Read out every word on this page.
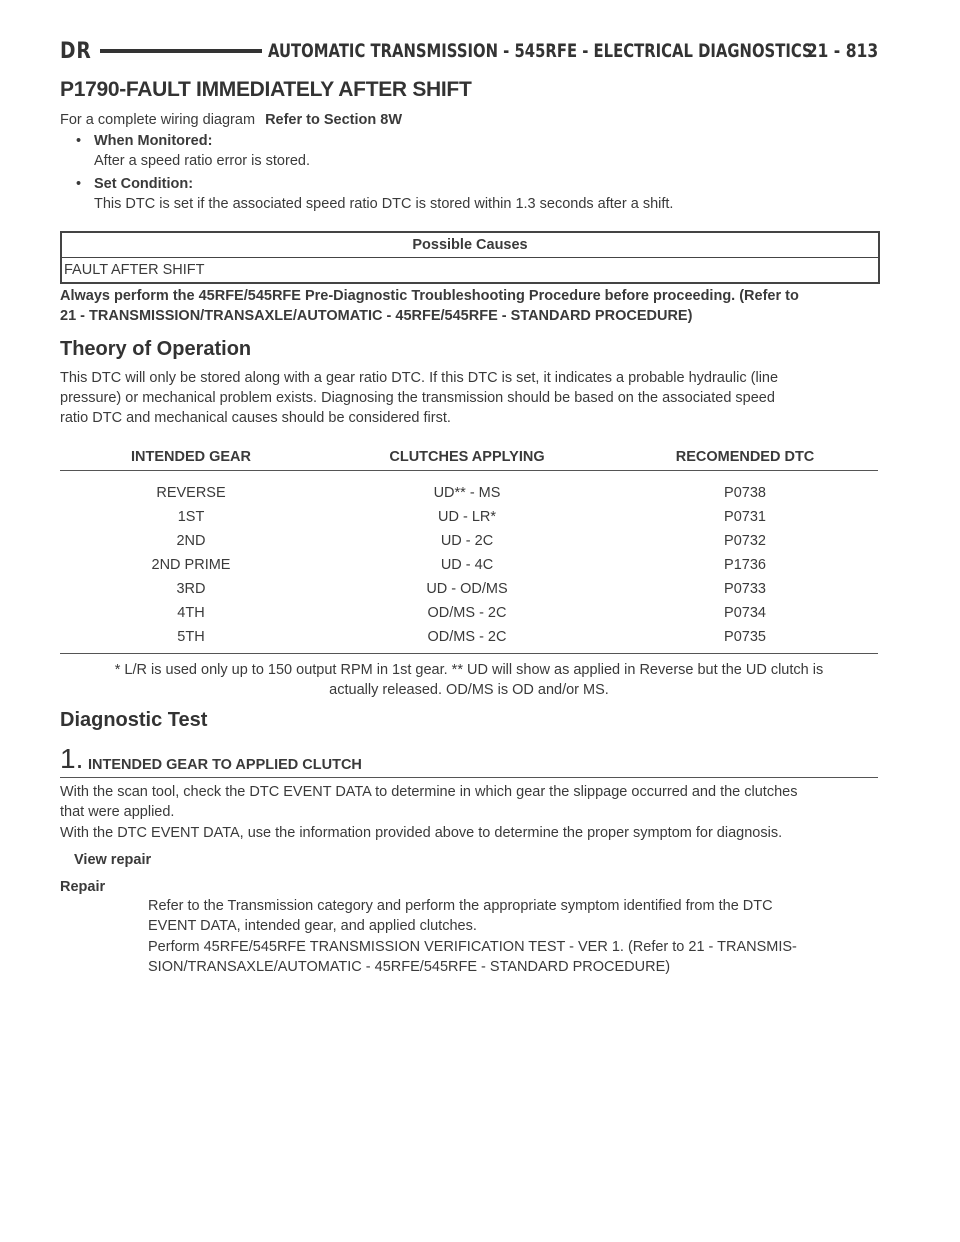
DR	AUTOMATIC TRANSMISSION - 545RFE - ELECTRICAL DIAGNOSTICS
21 - 813
P1790-FAULT IMMEDIATELY AFTER SHIFT
For a complete wiring diagram Refer to Section 8W
• When Monitored:
After a speed ratio error is stored.
• Set Condition:
This DTC is set if the associated speed ratio DTC is stored within 1.3 seconds after a shift.
Possible Causes
FAULT AFTER SHIFT
Always perform the 45RFE/545RFE Pre-Diagnostic Troubleshooting Procedure before proceeding. (Refer to
21 - TRANSMISSION/TRANSAXLE/AUTOMATIC - 45RFE/545RFE - STANDARD PROCEDURE)
Theory of Operation
This DTC will only be stored along with a gear ratio DTC. If this DTC is set, it indicates a probable hydraulic (line
pressure) or mechanical problem exists. Diagnosing the transmission should be based on the associated speed
ratio DTC and mechanical causes should be considered first.
INTENDED GEAR	CLUTCHES APPLYING	RECOMENDED DTC
REVERSE	UD** - MS	P0738
1ST	UD - LR*	P0731
2ND	UD - 2C	P0732
2ND PRIME	UD - 4C	P1736
3RD	UD - OD/MS	P0733
4TH	OD/MS - 2C	P0734
5TH	OD/MS - 2C	P0735
* L/R is used only up to 150 output RPM in 1st gear. ** UD will show as applied in Reverse but the UD clutch is
actually released. OD/MS is OD and/or MS.
Diagnostic Test
1. INTENDED GEAR TO APPLIED CLUTCH
With the scan tool, check the DTC EVENT DATA to determine in which gear the slippage occurred and the clutches
that were applied.
With the DTC EVENT DATA, use the information provided above to determine the proper symptom for diagnosis.
View repair
Repair
Refer to the Transmission category and perform the appropriate symptom identified from the DTC
EVENT DATA, intended gear, and applied clutches.
Perform 45RFE/545RFE TRANSMISSION VERIFICATION TEST - VER 1. (Refer to 21 - TRANSMIS-
SION/TRANSAXLE/AUTOMATIC - 45RFE/545RFE - STANDARD PROCEDURE)
